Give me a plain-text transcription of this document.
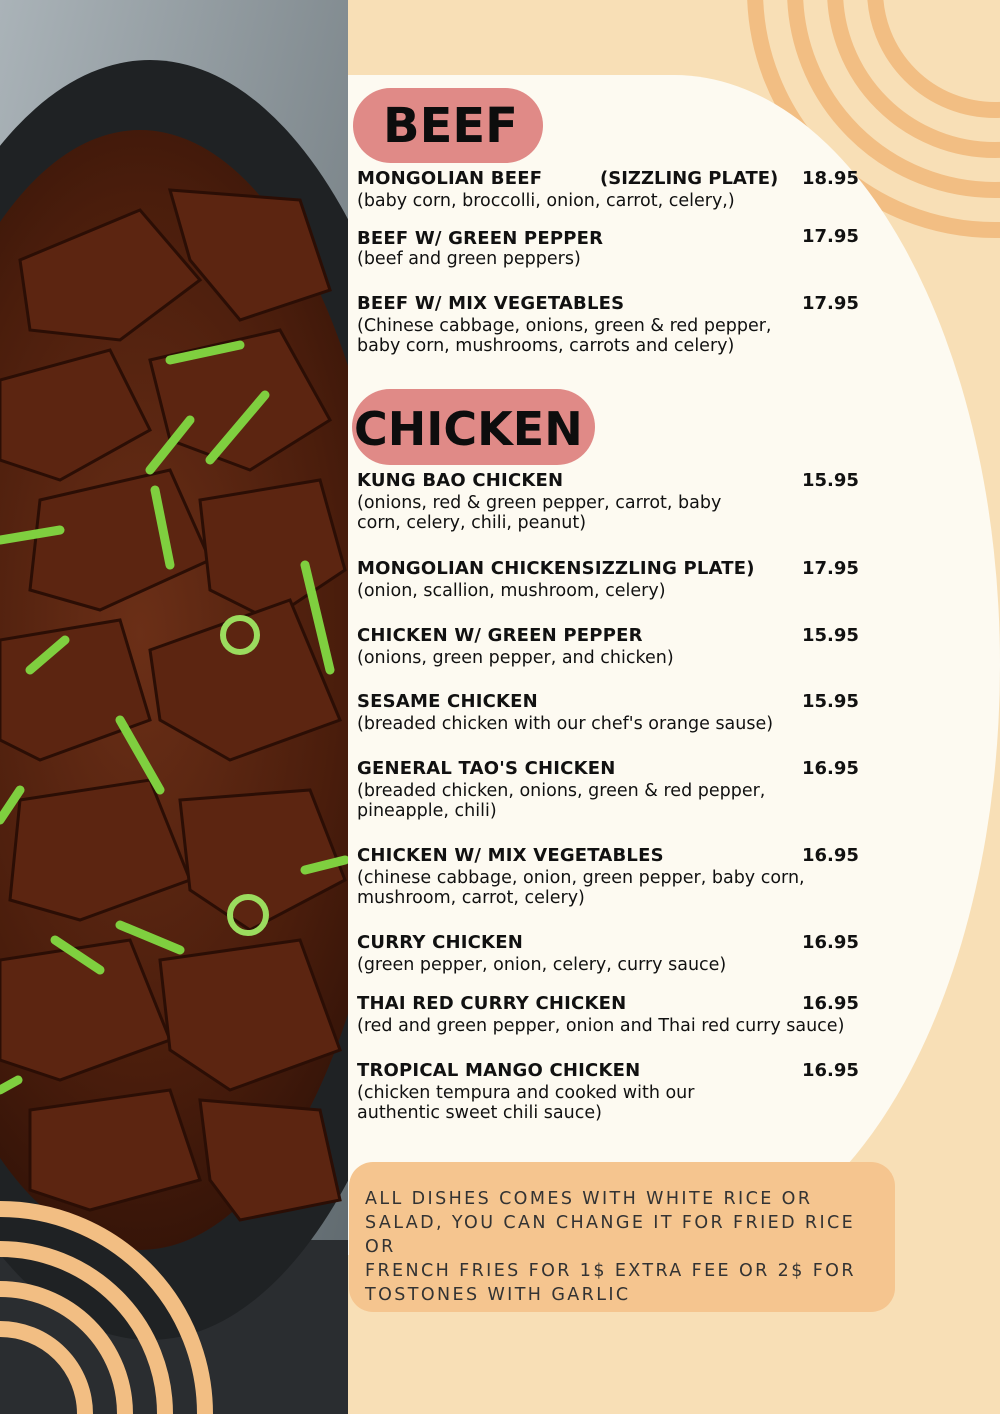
BEEF
MONGOLIAN BEEF	(SIZZLING PLATE) 18.95
(baby corn, broccolli, onion, carrot, celery,)
BEEF W/ GREEN PEPPER	17.95
(beef and green peppers)
BEEF W/ MIX VEGETABLES	17.95
(Chinese cabbage, onions, green & red pepper,
baby corn, mushrooms, carrots and celery)
CHICKEN
KUNG BAO CHICKEN	15.95
(onions, red & green pepper, carrot, baby
corn, celery, chili, peanut)
MONGOLIAN CHICKENSIZZLING PLATE)	17.95
(onion, scallion, mushroom, celery)
CHICKEN W/ GREEN PEPPER	15.95
(onions, green pepper, and chicken)
SESAME CHICKEN	15.95
(breaded chicken with our chef's orange sause)
GENERAL TAO'S CHICKEN	16.95
(breaded chicken, onions, green & red pepper,
pineapple, chili)
CHICKEN W/ MIX VEGETABLES	16.95
(chinese cabbage, onion, green pepper, baby corn,
mushroom, carrot, celery)
CURRY CHICKEN	16.95
(green pepper, onion, celery, curry sauce)
THAI RED CURRY CHICKEN	16.95
(red and green pepper, onion and Thai red curry sauce)
TROPICAL MANGO CHICKEN	16.95
(chicken tempura and cooked with our
authentic sweet chili sauce)
ALL DISHES COMES WITH WHITE RICE OR
SALAD, YOU CAN CHANGE IT FOR FRIED RICE OR
FRENCH FRIES FOR 1$ EXTRA FEE OR 2$ FOR
TOSTONES WITH GARLIC
